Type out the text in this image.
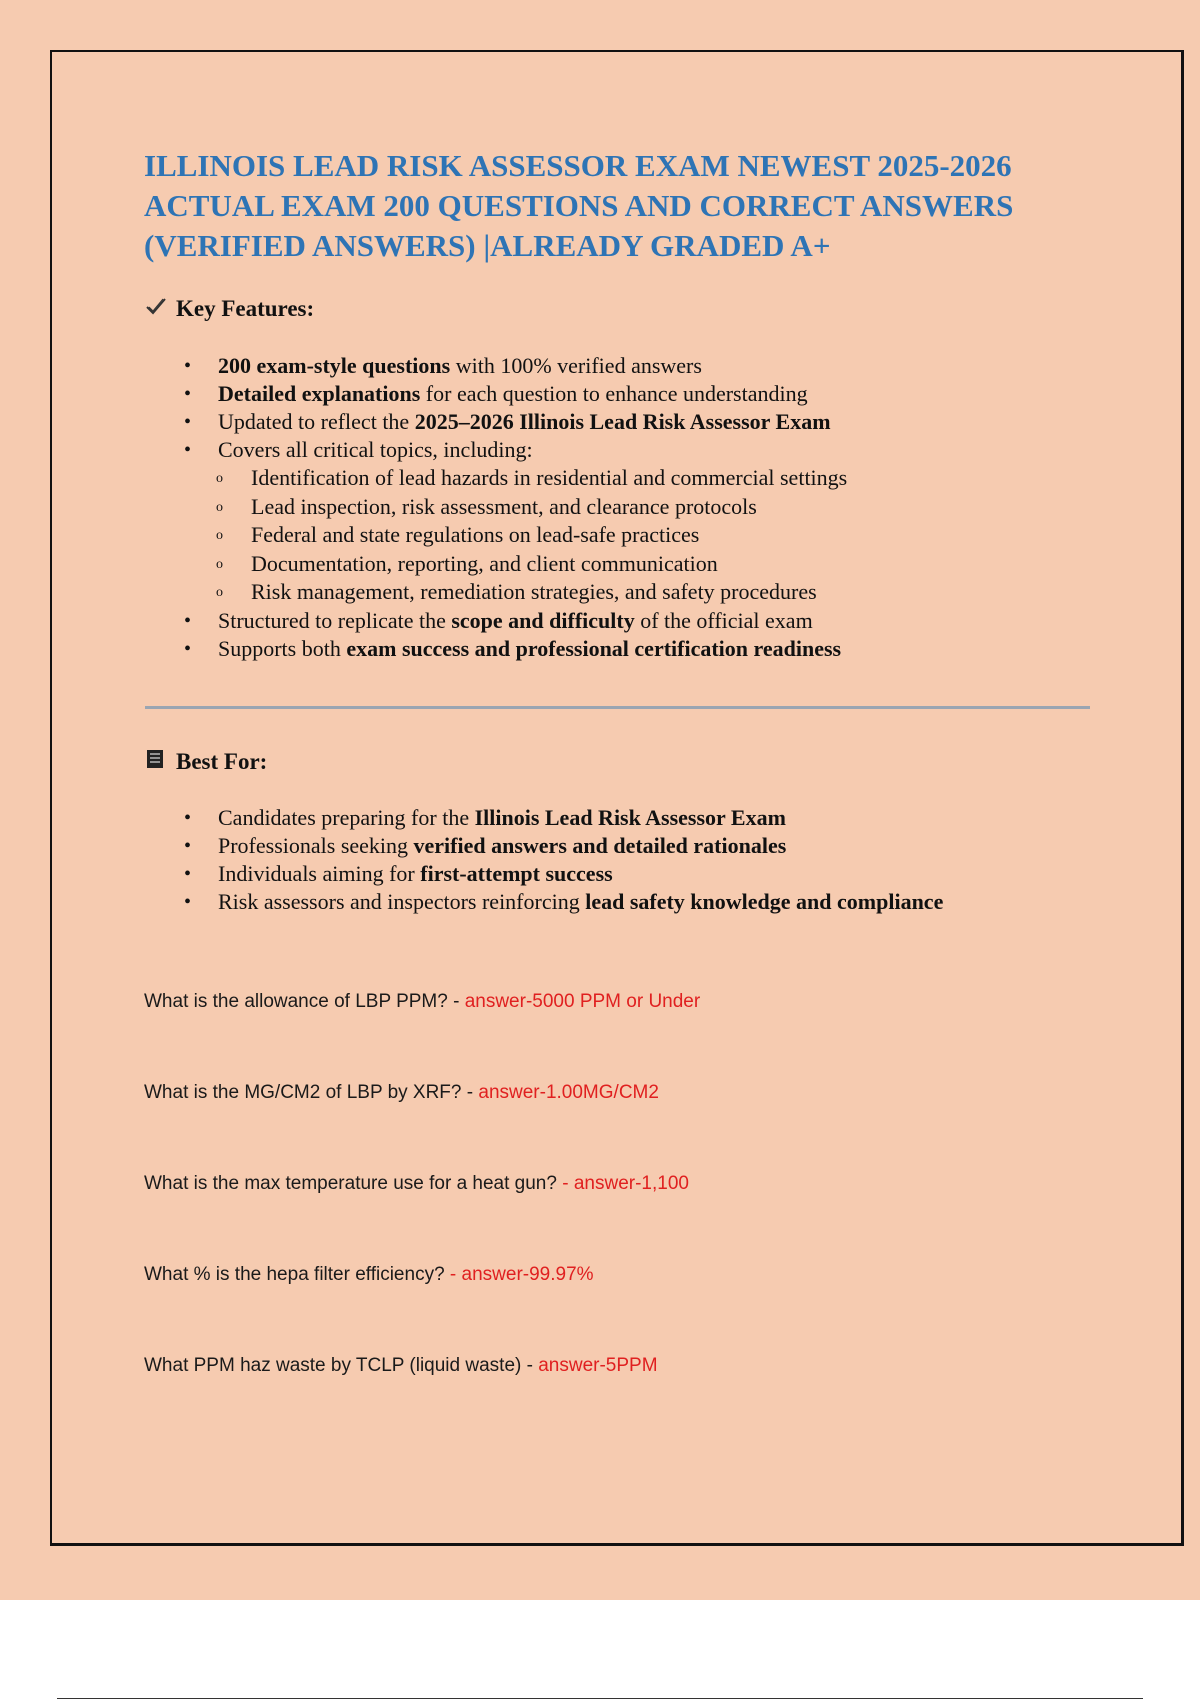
ILLINOIS LEAD RISK ASSESSOR EXAM NEWEST 2025-2026
ACTUAL EXAM 200 QUESTIONS AND CORRECT ANSWERS
(VERIFIED ANSWERS) |ALREADY GRADED A+
Key Features:
• 200 exam-style questions with 100% verified answers
• Detailed explanations for each question to enhance understanding
• Updated to reflect the 2025–2026 Illinois Lead Risk Assessor Exam
• Covers all critical topics, including:
o Identification of lead hazards in residential and commercial settings
o Lead inspection, risk assessment, and clearance protocols
o Federal and state regulations on lead-safe practices
o Documentation, reporting, and client communication
o Risk management, remediation strategies, and safety procedures
• Structured to replicate the scope and difficulty of the official exam
• Supports both exam success and professional certification readiness
Best For:
• Candidates preparing for the Illinois Lead Risk Assessor Exam
• Professionals seeking verified answers and detailed rationales
• Individuals aiming for first-attempt success
• Risk assessors and inspectors reinforcing lead safety knowledge and compliance
What is the allowance of LBP PPM? - answer-5000 PPM or Under
What is the MG/CM2 of LBP by XRF? - answer-1.00MG/CM2
What is the max temperature use for a heat gun? - answer-1,100
What % is the hepa filter efficiency? - answer-99.97%
What PPM haz waste by TCLP (liquid waste) - answer-5PPM
